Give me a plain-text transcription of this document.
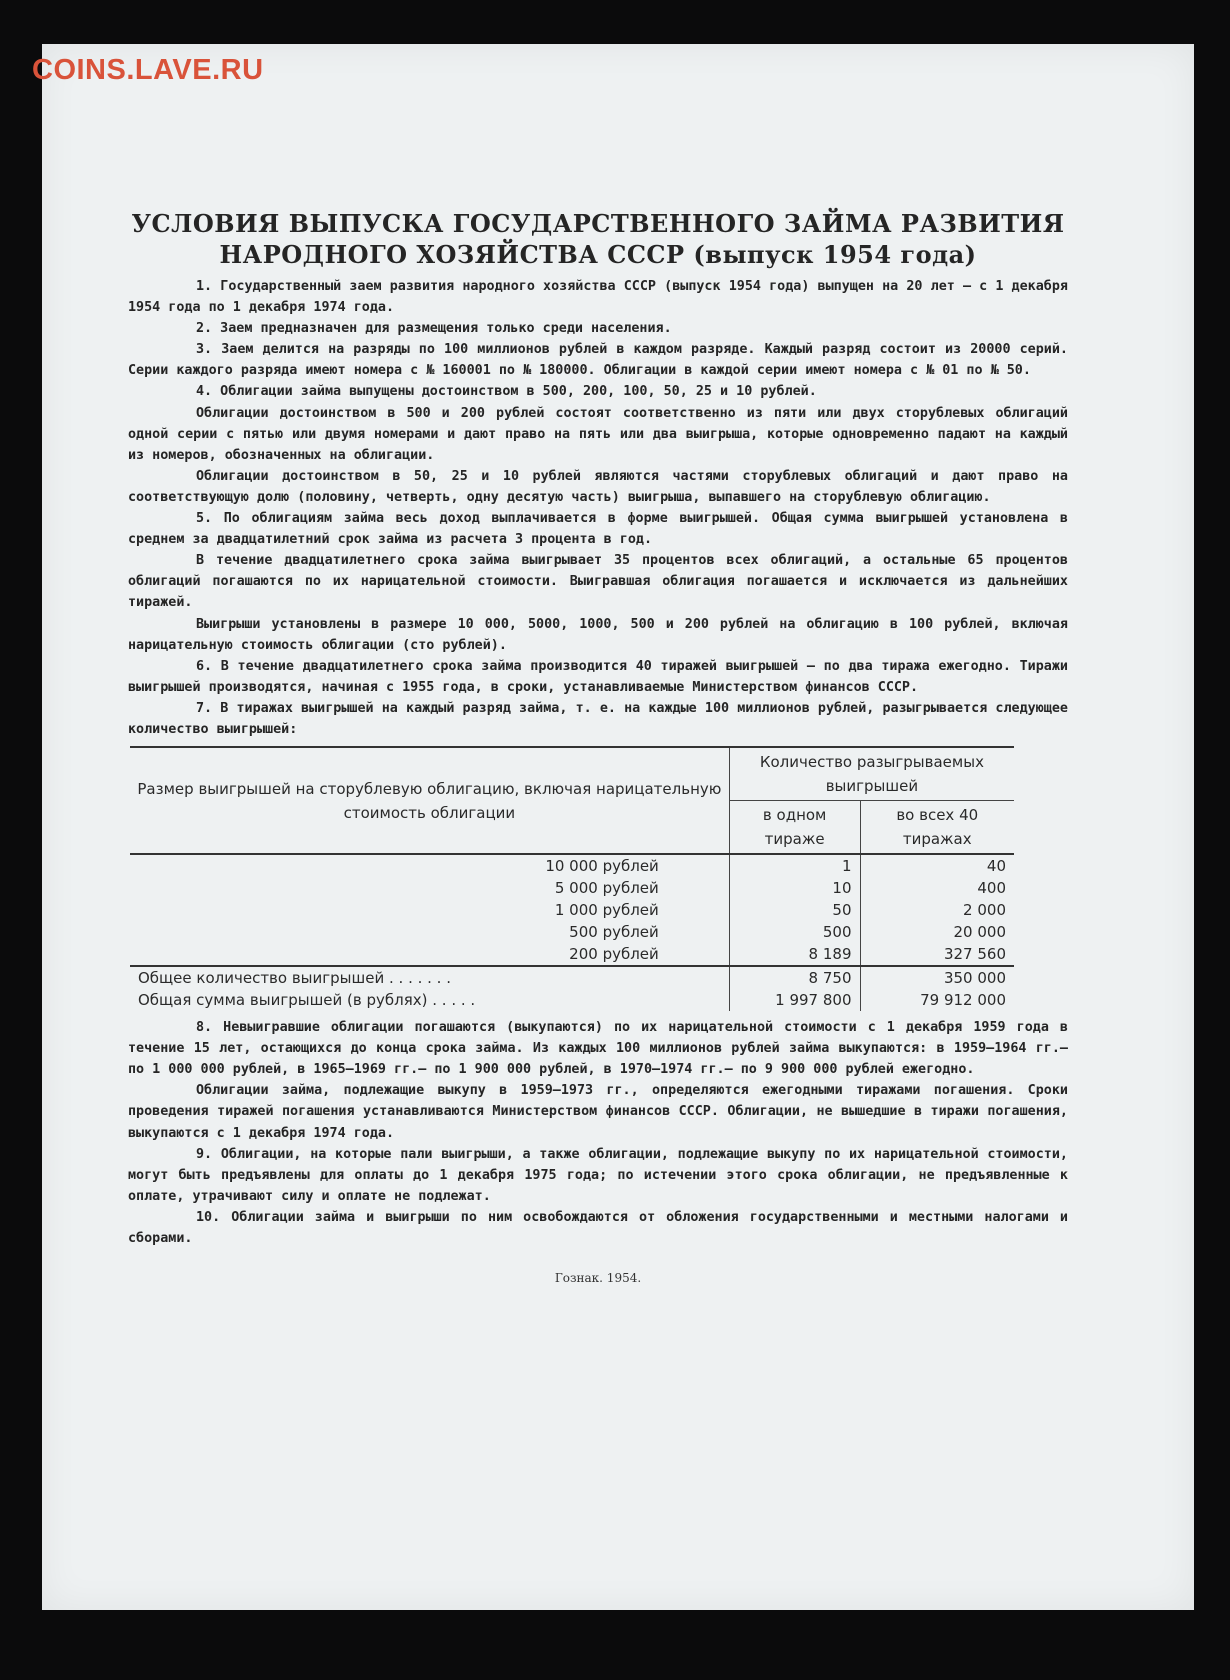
COINS.LAVE.RU
УСЛОВИЯ ВЫПУСКА ГОСУДАРСТВЕННОГО ЗАЙМА РАЗВИТИЯ
НАРОДНОГО ХОЗЯЙСТВА СССР (выпуск 1954 года)

1. Государственный заем развития народного хозяйства СССР (выпуск 1954 года) выпущен на 20 лет — с 1 декабря 1954 года по 1 декабря 1974 года.

2. Заем предназначен для размещения только среди населения.

3. Заем делится на разряды по 100 миллионов рублей в каждом разряде. Каждый разряд состоит из 20000 серий. Серии каждого разряда имеют номера с № 160001 по № 180000. Облигации в каждой серии имеют номера с № 01 по № 50.

4. Облигации займа выпущены достоинством в 500, 200, 100, 50, 25 и 10 рублей.

Облигации достоинством в 500 и 200 рублей состоят соответственно из пяти или двух сторублевых облигаций одной серии с пятью или двумя номерами и дают право на пять или два выигрыша, которые одновременно падают на каждый из номеров, обозначенных на облигации.

Облигации достоинством в 50, 25 и 10 рублей являются частями сторублевых облигаций и дают право на соответствующую долю (половину, четверть, одну десятую часть) выигрыша, выпавшего на сторублевую облигацию.

5. По облигациям займа весь доход выплачивается в форме выигрышей. Общая сумма выигрышей установлена в среднем за двадцатилетний срок займа из расчета 3 процента в год.

В течение двадцатилетнего срока займа выигрывает 35 процентов всех облигаций, а остальные 65 процентов облигаций погашаются по их нарицательной стоимости. Выигравшая облигация погашается и исключается из дальнейших тиражей.

Выигрыши установлены в размере 10 000, 5000, 1000, 500 и 200 рублей на облигацию в 100 рублей, включая нарицательную стоимость облигации (сто рублей).

6. В течение двадцатилетнего срока займа производится 40 тиражей выигрышей — по два тиража ежегодно. Тиражи выигрышей производятся, начиная с 1955 года, в сроки, устанавливаемые Министерством финансов СССР.

7. В тиражах выигрышей на каждый разряд займа, т. е. на каждые 100 миллионов рублей, разыгрывается следующее количество выигрышей:

Размер выигрышей на сторублевую облигацию, включая нарицательную стоимость облигации	Количество разыгрываемых выигрышей	
	в одном тираже	во всех 40 тиражах
10 000 рублей	1	40
5 000 рублей	10	400
1 000 рублей	50	2 000
500 рублей	500	20 000
200 рублей	8 189	327 560
Общее количество выигрышей . . . . . . .	8 750	350 000
Общая сумма выигрышей (в рублях) . . . . .	1 997 800	79 912 000

8. Невыигравшие облигации погашаются (выкупаются) по их нарицательной стоимости с 1 декабря 1959 года в течение 15 лет, остающихся до конца срока займа. Из каждых 100 миллионов рублей займа выкупаются: в 1959—1964 гг.— по 1 000 000 рублей, в 1965—1969 гг.— по 1 900 000 рублей, в 1970—1974 гг.— по 9 900 000 рублей ежегодно.

Облигации займа, подлежащие выкупу в 1959—1973 гг., определяются ежегодными тиражами погашения. Сроки проведения тиражей погашения устанавливаются Министерством финансов СССР. Облигации, не вышедшие в тиражи погашения, выкупаются с 1 декабря 1974 года.

9. Облигации, на которые пали выигрыши, а также облигации, подлежащие выкупу по их нарицательной стоимости, могут быть предъявлены для оплаты до 1 декабря 1975 года; по истечении этого срока облигации, не предъявленные к оплате, утрачивают силу и оплате не подлежат.

10. Облигации займа и выигрыши по ним освобождаются от обложения государственными и местными налогами и сборами.

Гознак. 1954.
